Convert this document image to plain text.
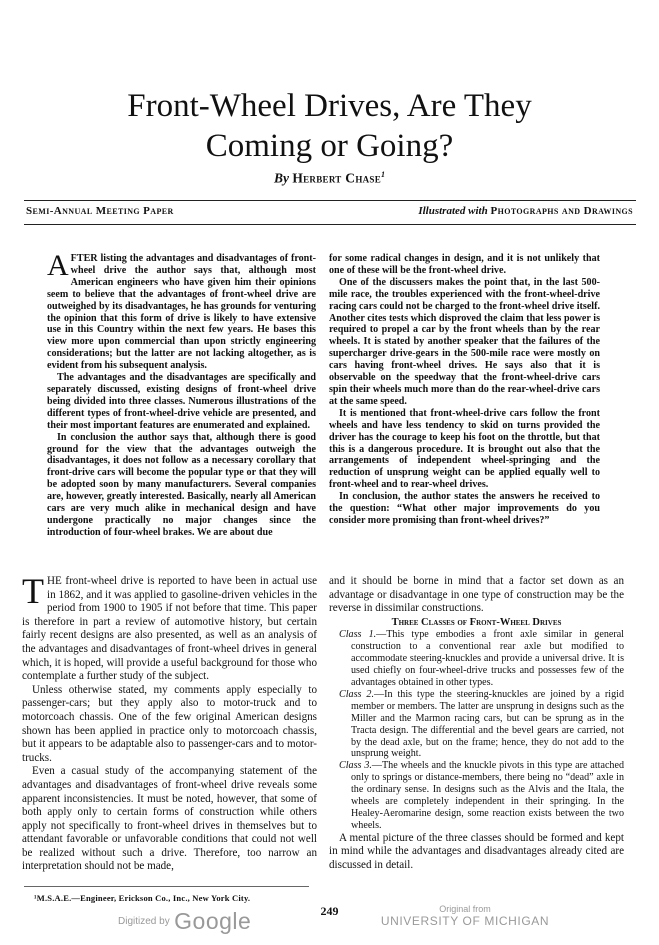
Front-Wheel Drives, Are They
Coming or Going?
By Herbert Chase$^1$
Semi-Annual Meeting Paper	Illustrated with Photographs and Drawings

AFTER listing the advantages and disadvantages of front-wheel drive the author says that, although most American engineers who have given him their opinions seem to believe that the advantages of front-wheel drive are outweighed by its disadvantages, he has grounds for venturing the opinion that this form of drive is likely to have extensive use in this Country within the next few years. He bases this view more upon commercial than upon strictly engineering considerations; but the latter are not lacking altogether, as is evident from his subsequent analysis.

The advantages and the disadvantages are specifically and separately discussed, existing designs of front-wheel drive being divided into three classes. Numerous illustrations of the different types of front-wheel-drive vehicle are presented, and their most important features are enumerated and explained.

In conclusion the author says that, although there is good ground for the view that the advantages outweigh the disadvantages, it does not follow as a necessary corollary that front-drive cars will become the popular type or that they will be adopted soon by many manufacturers. Several companies are, however, greatly interested. Basically, nearly all American cars are very much alike in mechanical design and have undergone practically no major changes since the introduction of four-wheel brakes. We are about due

for some radical changes in design, and it is not unlikely that one of these will be the front-wheel drive.

One of the discussers makes the point that, in the last 500-mile race, the troubles experienced with the front-wheel-drive racing cars could not be charged to the front-wheel drive itself. Another cites tests which disproved the claim that less power is required to propel a car by the front wheels than by the rear wheels. It is stated by another speaker that the failures of the supercharger drive-gears in the 500-mile race were mostly on cars having front-wheel drives. He says also that it is observable on the speedway that the front-wheel-drive cars spin their wheels much more than do the rear-wheel-drive cars at the same speed.

It is mentioned that front-wheel-drive cars follow the front wheels and have less tendency to skid on turns provided the driver has the courage to keep his foot on the throttle, but that this is a dangerous procedure. It is brought out also that the arrangements of independent wheel-springing and the reduction of unsprung weight can be applied equally well to front-wheel and to rear-wheel drives.

In conclusion, the author states the answers he received to the question: “What other major improvements do you consider more promising than front-wheel drives?”

THE front-wheel drive is reported to have been in actual use in 1862, and it was applied to gasoline-driven vehicles in the period from 1900 to 1905 if not before that time. This paper is therefore in part a review of automotive history, but certain fairly recent designs are also presented, as well as an analysis of the advantages and disadvantages of front-wheel drives in general which, it is hoped, will provide a useful background for those who contemplate a further study of the subject.

Unless otherwise stated, my comments apply especially to passenger-cars; but they apply also to motor-truck and to motorcoach chassis. One of the few original American designs shown has been applied in practice only to motorcoach chassis, but it appears to be adaptable also to passenger-cars and to motor-trucks.

Even a casual study of the accompanying statement of the advantages and disadvantages of front-wheel drive reveals some apparent inconsistencies. It must be noted, however, that some of both apply only to certain forms of construction while others apply not specifically to front-wheel drives in themselves but to attendant favorable or unfavorable conditions that could not well be realized without such a drive. Therefore, too narrow an interpretation should not be made,

and it should be borne in mind that a factor set down as an advantage or disadvantage in one type of construction may be the reverse in dissimilar constructions.

Three Classes of Front-Wheel Drives

Class 1.—This type embodies a front axle similar in general construction to a conventional rear axle but modified to accommodate steering-knuckles and provide a universal drive. It is used chiefly on four-wheel-drive trucks and possesses few of the advantages obtained in other types.

Class 2.—In this type the steering-knuckles are joined by a rigid member or members. The latter are unsprung in designs such as the Miller and the Marmon racing cars, but can be sprung as in the Tracta design. The differential and the bevel gears are carried, not by the dead axle, but on the frame; hence, they do not add to the unsprung weight.

Class 3.—The wheels and the knuckle pivots in this type are attached only to springs or distance-members, there being no “dead” axle in the ordinary sense. In designs such as the Alvis and the Itala, the wheels are completely independent in their springing. In the Healey-Aeromarine design, some reaction exists between the two wheels.

A mental picture of the three classes should be formed and kept in mind while the advantages and disadvantages already cited are discussed in detail.

¹M.S.A.E.—Engineer, Erickson Co., Inc., New York City.
249
$^{Digitized by}$ Google	Original from
UNIVERSITY OF MICHIGAN
